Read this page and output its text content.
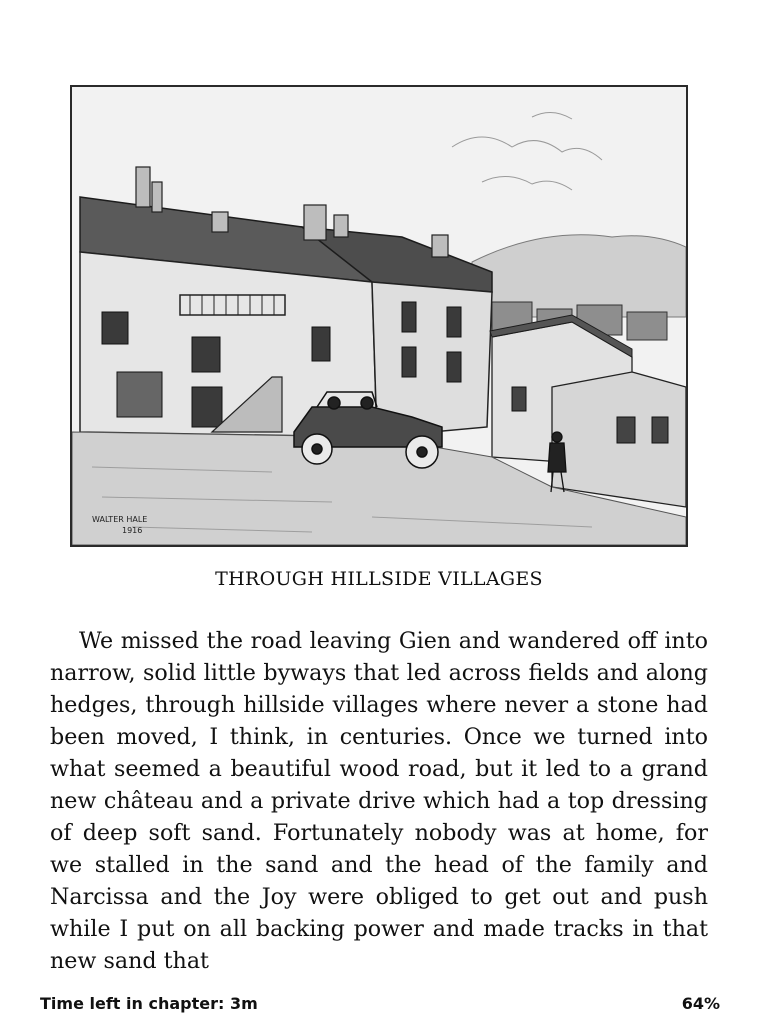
WALTER HALE
1916
THROUGH HILLSIDE VILLAGES

We missed the road leaving Gien and wandered off into narrow, solid little byways that led across fields and along hedges, through hillside villages where never a stone had been moved, I think, in centuries. Once we turned into what seemed a beautiful wood road, but it led to a grand new château and a private drive which had a top dressing of deep soft sand. Fortunately nobody was at home, for we stalled in the sand and the head of the family and Narcissa and the Joy were obliged to get out and push while I put on all backing power and made tracks in that new sand that

Time left in chapter: 3m	64%
